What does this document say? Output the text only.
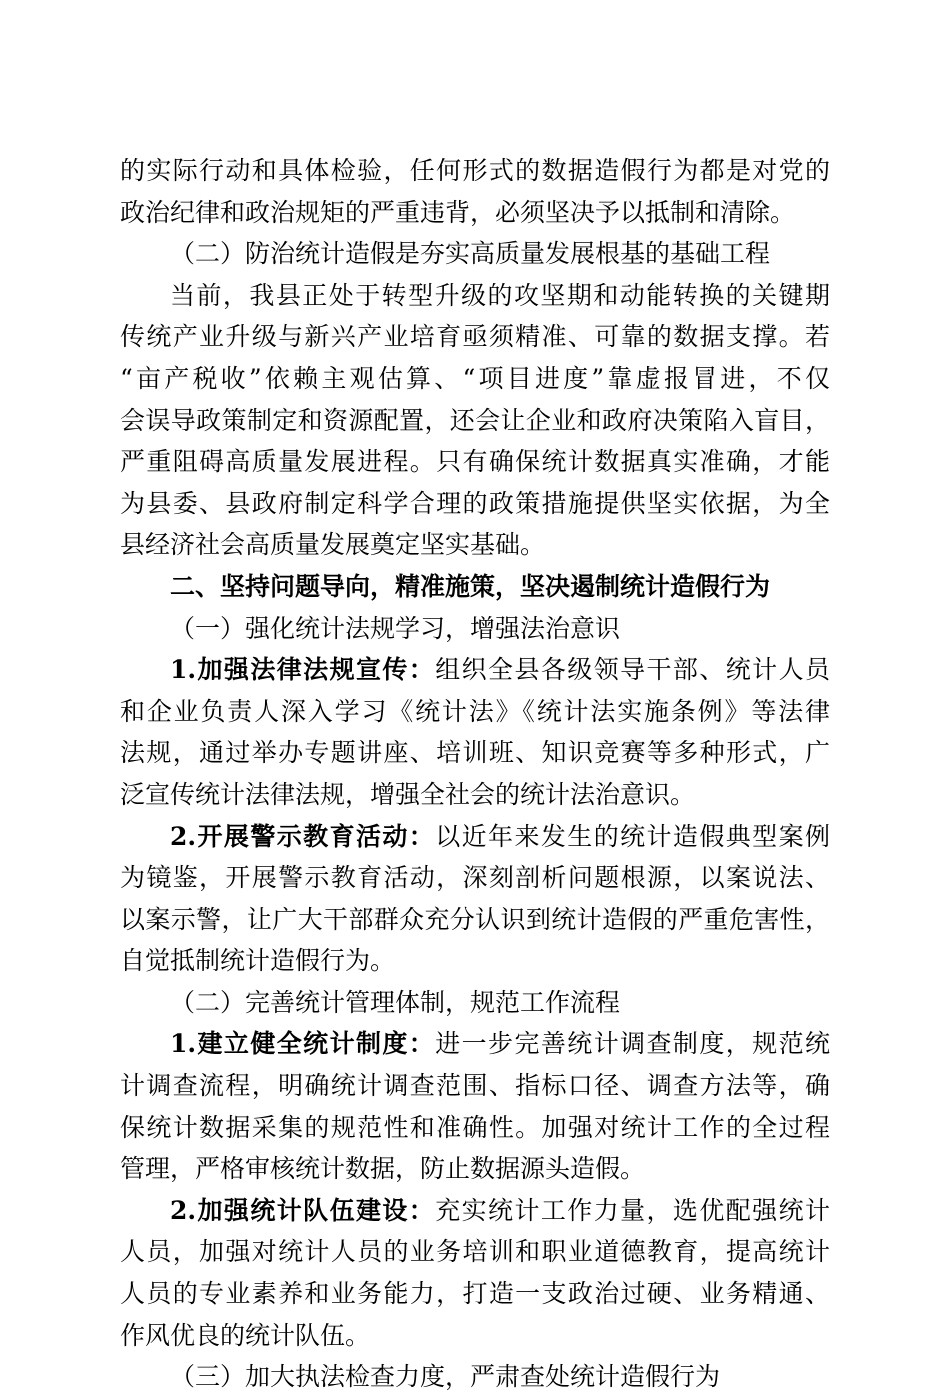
的实际行动和具体检验，任何形式的数据造假行为都是对党的
政治纪律和政治规矩的严重违背，必须坚决予以抵制和清除。
（二）防治统计造假是夯实高质量发展根基的基础工程
当前，我县正处于转型升级的攻坚期和动能转换的关键期
传统产业升级与新兴产业培育亟须精准、可靠的数据支撑。若
“亩产税收”依赖主观估算、“项目进度”靠虚报冒进，不仅
会误导政策制定和资源配置，还会让企业和政府决策陷入盲目，
严重阻碍高质量发展进程。只有确保统计数据真实准确，才能
为县委、县政府制定科学合理的政策措施提供坚实依据，为全
县经济社会高质量发展奠定坚实基础。
二、坚持问题导向，精准施策，坚决遏制统计造假行为
（一）强化统计法规学习，增强法治意识
1.加强法律法规宣传：组织全县各级领导干部、统计人员
和企业负责人深入学习《统计法》《统计法实施条例》等法律
法规，通过举办专题讲座、培训班、知识竞赛等多种形式，广
泛宣传统计法律法规，增强全社会的统计法治意识。
2.开展警示教育活动：以近年来发生的统计造假典型案例
为镜鉴，开展警示教育活动，深刻剖析问题根源，以案说法、
以案示警，让广大干部群众充分认识到统计造假的严重危害性，
自觉抵制统计造假行为。
（二）完善统计管理体制，规范工作流程
1.建立健全统计制度：进一步完善统计调查制度，规范统
计调查流程，明确统计调查范围、指标口径、调查方法等，确
保统计数据采集的规范性和准确性。加强对统计工作的全过程
管理，严格审核统计数据，防止数据源头造假。
2.加强统计队伍建设：充实统计工作力量，选优配强统计
人员，加强对统计人员的业务培训和职业道德教育，提高统计
人员的专业素养和业务能力，打造一支政治过硬、业务精通、
作风优良的统计队伍。
（三）加大执法检查力度，严肃查处统计造假行为
